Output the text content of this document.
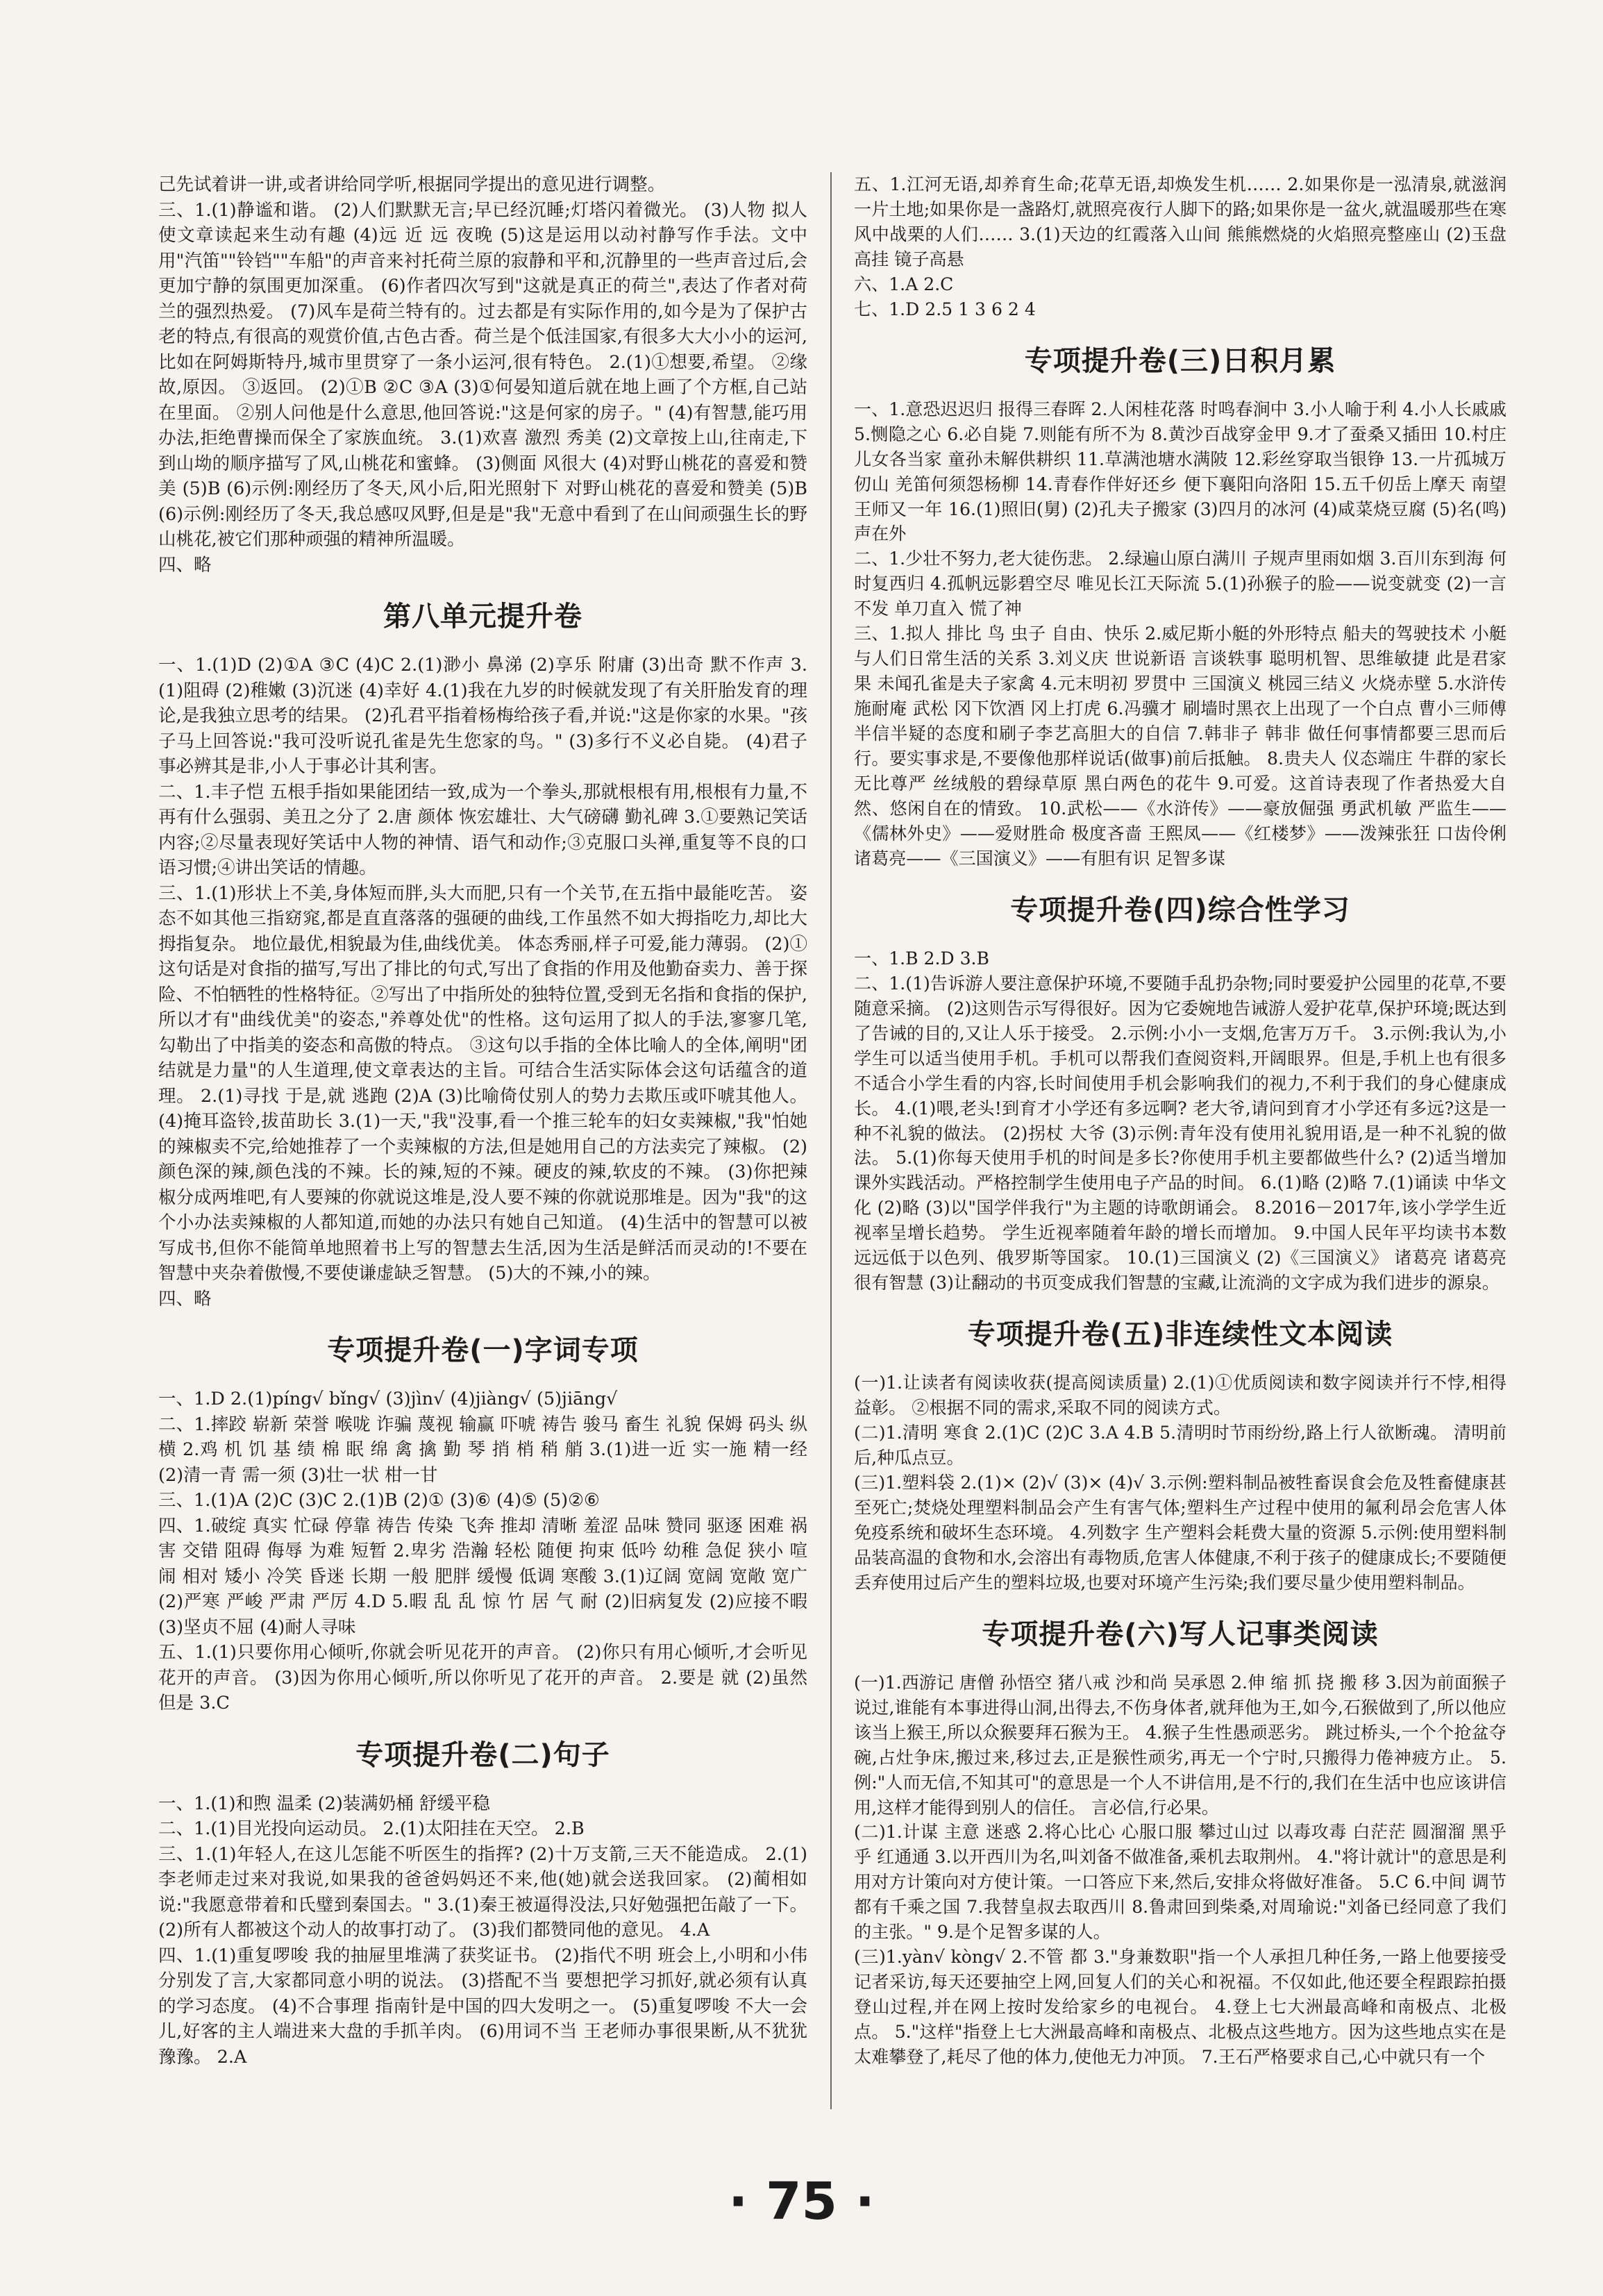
己先试着讲一讲,或者讲给同学听,根据同学提出的意见进行调整。
三、1.(1)静谧和谐。 (2)人们默默无言;早已经沉睡;灯塔闪着微光。 (3)人物 拟人 使文章读起来生动有趣 (4)远 近 远 夜晚 (5)这是运用以动衬静写作手法。文中用"汽笛""铃铛""车船"的声音来衬托荷兰原的寂静和平和,沉静里的一些声音过后,会更加宁静的氛围更加深重。 (6)作者四次写到"这就是真正的荷兰",表达了作者对荷兰的强烈热爱。 (7)风车是荷兰特有的。过去都是有实际作用的,如今是为了保护古老的特点,有很高的观赏价值,古色古香。荷兰是个低洼国家,有很多大大小小的运河,比如在阿姆斯特丹,城市里贯穿了一条小运河,很有特色。 2.(1)①想要,希望。 ②缘故,原因。 ③返回。 (2)①B ②C ③A (3)①何晏知道后就在地上画了个方框,自己站在里面。 ②别人问他是什么意思,他回答说:"这是何家的房子。" (4)有智慧,能巧用办法,拒绝曹操而保全了家族血统。 3.(1)欢喜 激烈 秀美 (2)文章按上山,往南走,下到山坳的顺序描写了风,山桃花和蜜蜂。 (3)侧面 风很大 (4)对野山桃花的喜爱和赞美 (5)B (6)示例:刚经历了冬天,风小后,阳光照射下 对野山桃花的喜爱和赞美 (5)B (6)示例:刚经历了冬天,我总感叹风野,但是是"我"无意中看到了在山间顽强生长的野山桃花,被它们那种顽强的精神所温暖。
四、略
第八单元提升卷
一、1.(1)D (2)①A ③C (4)C 2.(1)渺小 鼻涕 (2)享乐 附庸 (3)出奇 默不作声 3.(1)阻碍 (2)稚嫩 (3)沉迷 (4)幸好 4.(1)我在九岁的时候就发现了有关肝胎发育的理论,是我独立思考的结果。 (2)孔君平指着杨梅给孩子看,并说:"这是你家的水果。"孩子马上回答说:"我可没听说孔雀是先生您家的鸟。" (3)多行不义必自毙。 (4)君子事必辨其是非,小人于事必计其利害。
二、1.丰子恺 五根手指如果能团结一致,成为一个拳头,那就根根有用,根根有力量,不再有什么强弱、美丑之分了 2.唐 颜体 恢宏雄壮、大气磅礴 勤礼碑 3.①要熟记笑话内容;②尽量表现好笑话中人物的神情、语气和动作;③克服口头禅,重复等不良的口语习惯;④讲出笑话的情趣。
三、1.(1)形状上不美,身体短而胖,头大而肥,只有一个关节,在五指中最能吃苦。 姿态不如其他三指窈窕,都是直直落落的强硬的曲线,工作虽然不如大拇指吃力,却比大拇指复杂。 地位最优,相貌最为佳,曲线优美。 体态秀丽,样子可爱,能力薄弱。 (2)①这句话是对食指的描写,写出了排比的句式,写出了食指的作用及他勤奋卖力、善于探险、不怕牺牲的性格特征。②写出了中指所处的独特位置,受到无名指和食指的保护,所以才有"曲线优美"的姿态,"养尊处优"的性格。这句运用了拟人的手法,寥寥几笔,勾勒出了中指美的姿态和高傲的特点。 ③这句以手指的全体比喻人的全体,阐明"团结就是力量"的人生道理,使文章表达的主旨。可结合生活实际体会这句话蕴含的道理。 2.(1)寻找 于是,就 逃跑 (2)A (3)比喻倚仗别人的势力去欺压或吓唬其他人。 (4)掩耳盗铃,拔苗助长 3.(1)一天,"我"没事,看一个推三轮车的妇女卖辣椒,"我"怕她的辣椒卖不完,给她推荐了一个卖辣椒的方法,但是她用自己的方法卖完了辣椒。 (2)颜色深的辣,颜色浅的不辣。长的辣,短的不辣。硬皮的辣,软皮的不辣。 (3)你把辣椒分成两堆吧,有人要辣的你就说这堆是,没人要不辣的你就说那堆是。因为"我"的这个小办法卖辣椒的人都知道,而她的办法只有她自己知道。 (4)生活中的智慧可以被写成书,但你不能简单地照着书上写的智慧去生活,因为生活是鲜活而灵动的!不要在智慧中夹杂着傲慢,不要使谦虚缺乏智慧。 (5)大的不辣,小的辣。
四、略
专项提升卷(一)字词专项
一、1.D 2.(1)píng√ bǐng√ (3)jìn√ (4)jiàng√ (5)jiāng√
二、1.摔跤 崭新 荣誉 喉咙 诈骗 蔑视 输赢 吓唬 祷告 骏马 畜生 礼貌 保姆 码头 纵横 2.鸡 机 饥 基 绩 棉 眠 绵 禽 擒 勤 琴 捎 梢 稍 艄 3.(1)进一近 实一施 精一经 (2)清一青 需一须 (3)壮一状 柑一甘
三、1.(1)A (2)C (3)C 2.(1)B (2)① (3)⑥ (4)⑤ (5)②⑥
四、1.破绽 真实 忙碌 停靠 祷告 传染 飞奔 推却 清晰 羞涩 品味 赞同 驱逐 困难 祸害 交错 阻碍 侮辱 为难 短暂 2.卑劣 浩瀚 轻松 随便 拘束 低吟 幼稚 急促 狭小 喧闹 相对 矮小 冷笑 昏迷 长期 一般 肥胖 缓慢 低调 寒酸 3.(1)辽阔 宽阔 宽敞 宽广 (2)严寒 严峻 严肃 严厉 4.D 5.暇 乱 乱 惊 竹 居 气 耐 (2)旧病复发 (2)应接不暇 (3)坚贞不屈 (4)耐人寻味
五、1.(1)只要你用心倾听,你就会听见花开的声音。 (2)你只有用心倾听,才会听见花开的声音。 (3)因为你用心倾听,所以你听见了花开的声音。 2.要是 就 (2)虽然 但是 3.C
专项提升卷(二)句子
一、1.(1)和煦 温柔 (2)装满奶桶 舒缓平稳
二、1.(1)目光投向运动员。 2.(1)太阳挂在天空。 2.B
三、1.(1)年轻人,在这儿怎能不听医生的指挥? (2)十万支箭,三天不能造成。 2.(1)李老师走过来对我说,如果我的爸爸妈妈还不来,他(她)就会送我回家。 (2)蔺相如说:"我愿意带着和氏璧到秦国去。" 3.(1)秦王被逼得没法,只好勉强把缶敲了一下。 (2)所有人都被这个动人的故事打动了。 (3)我们都赞同他的意见。 4.A
四、1.(1)重复啰唆 我的抽屉里堆满了获奖证书。 (2)指代不明 班会上,小明和小伟分别发了言,大家都同意小明的说法。 (3)搭配不当 要想把学习抓好,就必须有认真的学习态度。 (4)不合事理 指南针是中国的四大发明之一。 (5)重复啰唆 不大一会儿,好客的主人端进来大盘的手抓羊肉。 (6)用词不当 王老师办事很果断,从不犹犹豫豫。 2.A
五、1.江河无语,却养育生命;花草无语,却焕发生机…… 2.如果你是一泓清泉,就滋润一片土地;如果你是一盏路灯,就照亮夜行人脚下的路;如果你是一盆火,就温暖那些在寒风中战栗的人们…… 3.(1)天边的红霞落入山间 熊熊燃烧的火焰照亮整座山 (2)玉盘高挂 镜子高悬
六、1.A 2.C
七、1.D 2.5 1 3 6 2 4
专项提升卷(三)日积月累
一、1.意恐迟迟归 报得三春晖 2.人闲桂花落 时鸣春涧中 3.小人喻于利 4.小人长戚戚 5.恻隐之心 6.必自毙 7.则能有所不为 8.黄沙百战穿金甲 9.才了蚕桑又插田 10.村庄儿女各当家 童孙未解供耕织 11.草满池塘水满陂 12.彩丝穿取当银铮 13.一片孤城万仞山 羌笛何须怨杨柳 14.青春作伴好还乡 便下襄阳向洛阳 15.五千仞岳上摩天 南望王师又一年 16.(1)照旧(舅) (2)孔夫子搬家 (3)四月的冰河 (4)咸菜烧豆腐 (5)名(鸣)声在外
二、1.少壮不努力,老大徒伤悲。 2.绿遍山原白满川 子规声里雨如烟 3.百川东到海 何时复西归 4.孤帆远影碧空尽 唯见长江天际流 5.(1)孙猴子的脸——说变就变 (2)一言不发 单刀直入 慌了神
三、1.拟人 排比 鸟 虫子 自由、快乐 2.威尼斯小艇的外形特点 船夫的驾驶技术 小艇与人们日常生活的关系 3.刘义庆 世说新语 言谈轶事 聪明机智、思维敏捷 此是君家果 未闻孔雀是夫子家禽 4.元末明初 罗贯中 三国演义 桃园三结义 火烧赤壁 5.水浒传 施耐庵 武松 冈下饮酒 冈上打虎 6.冯骥才 刷墙时黑衣上出现了一个白点 曹小三师傅半信半疑的态度和刷子李艺高胆大的自信 7.韩非子 韩非 做任何事情都要三思而后行。要实事求是,不要像他那样说话(做事)前后抵触。 8.贵夫人 仪态端庄 牛群的家长 无比尊严 丝绒般的碧绿草原 黑白两色的花牛 9.可爱。这首诗表现了作者热爱大自然、悠闲自在的情致。 10.武松——《水浒传》——豪放倔强 勇武机敏 严监生——《儒林外史》——爱财胜命 极度吝啬 王熙凤——《红楼梦》——泼辣张狂 口齿伶俐 诸葛亮——《三国演义》——有胆有识 足智多谋
专项提升卷(四)综合性学习
一、1.B 2.D 3.B
二、1.(1)告诉游人要注意保护环境,不要随手乱扔杂物;同时要爱护公园里的花草,不要随意采摘。 (2)这则告示写得很好。因为它委婉地告诫游人爱护花草,保护环境;既达到了告诫的目的,又让人乐于接受。 2.示例:小小一支烟,危害万万千。 3.示例:我认为,小学生可以适当使用手机。手机可以帮我们查阅资料,开阔眼界。但是,手机上也有很多不适合小学生看的内容,长时间使用手机会影响我们的视力,不利于我们的身心健康成长。 4.(1)喂,老头!到育才小学还有多远啊? 老大爷,请问到育才小学还有多远?这是一种不礼貌的做法。 (2)拐杖 大爷 (3)示例:青年没有使用礼貌用语,是一种不礼貌的做法。 5.(1)你每天使用手机的时间是多长?你使用手机主要都做些什么? (2)适当增加课外实践活动。严格控制学生使用电子产品的时间。 6.(1)略 (2)略 7.(1)诵读 中华文化 (2)略 (3)以"国学伴我行"为主题的诗歌朗诵会。 8.2016－2017年,该小学学生近视率呈增长趋势。 学生近视率随着年龄的增长而增加。 9.中国人民年平均读书本数远远低于以色列、俄罗斯等国家。 10.(1)三国演义 (2)《三国演义》 诸葛亮 诸葛亮很有智慧 (3)让翻动的书页变成我们智慧的宝藏,让流淌的文字成为我们进步的源泉。
专项提升卷(五)非连续性文本阅读
(一)1.让读者有阅读收获(提高阅读质量) 2.(1)①优质阅读和数字阅读并行不悖,相得益彰。 ②根据不同的需求,采取不同的阅读方式。
(二)1.清明 寒食 2.(1)C (2)C 3.A 4.B 5.清明时节雨纷纷,路上行人欲断魂。 清明前后,种瓜点豆。
(三)1.塑料袋 2.(1)× (2)√ (3)× (4)√ 3.示例:塑料制品被牲畜误食会危及牲畜健康甚至死亡;焚烧处理塑料制品会产生有害气体;塑料生产过程中使用的氟利昂会危害人体免疫系统和破坏生态环境。 4.列数字 生产塑料会耗费大量的资源 5.示例:使用塑料制品装高温的食物和水,会溶出有毒物质,危害人体健康,不利于孩子的健康成长;不要随便丢弃使用过后产生的塑料垃圾,也要对环境产生污染;我们要尽量少使用塑料制品。
专项提升卷(六)写人记事类阅读
(一)1.西游记 唐僧 孙悟空 猪八戒 沙和尚 吴承恩 2.伸 缩 抓 挠 搬 移 3.因为前面猴子说过,谁能有本事进得山洞,出得去,不伤身体者,就拜他为王,如今,石猴做到了,所以他应该当上猴王,所以众猴要拜石猴为王。 4.猴子生性愚顽恶劣。 跳过桥头,一个个抢盆夺碗,占灶争床,搬过来,移过去,正是猴性顽劣,再无一个宁时,只搬得力倦神疲方止。 5.例:"人而无信,不知其可"的意思是一个人不讲信用,是不行的,我们在生活中也应该讲信用,这样才能得到别人的信任。 言必信,行必果。
(二)1.计谋 主意 迷惑 2.将心比心 心服口服 攀过山过 以毒攻毒 白茫茫 圆溜溜 黑乎乎 红通通 3.以开西川为名,叫刘备不做准备,乘机去取荆州。 4."将计就计"的意思是利用对方计策向对方使计策。一口答应下来,然后,安排众将做好准备。 5.C 6.中间 调节 都有千乘之国 7.我替皇叔去取西川 8.鲁肃回到柴桑,对周瑜说:"刘备已经同意了我们的主张。" 9.是个足智多谋的人。
(三)1.yàn√ kòng√ 2.不管 都 3."身兼数职"指一个人承担几种任务,一路上他要接受记者采访,每天还要抽空上网,回复人们的关心和祝福。不仅如此,他还要全程跟踪拍摄登山过程,并在网上按时发给家乡的电视台。 4.登上七大洲最高峰和南极点、北极点。 5."这样"指登上七大洲最高峰和南极点、北极点这些地方。因为这些地点实在是太难攀登了,耗尽了他的体力,使他无力冲顶。 7.王石严格要求自己,心中就只有一个
· 75 ·
